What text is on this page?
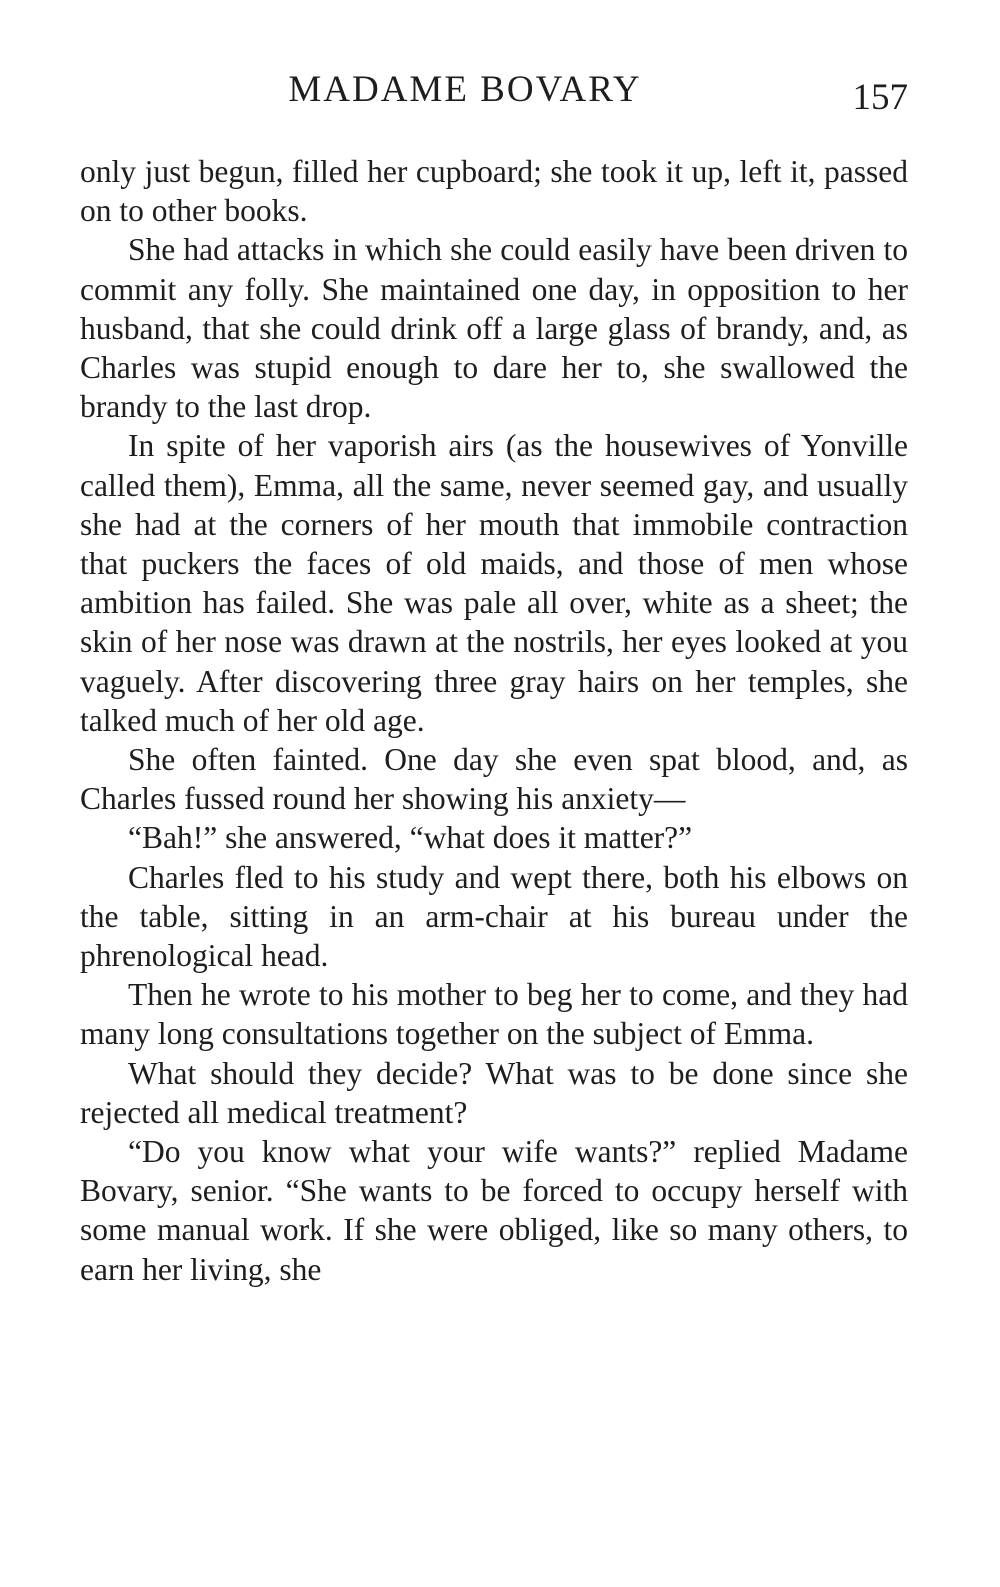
MADAME BOVARY	157

only just begun, filled her cupboard; she took it up, left it, passed on to other books.

She had attacks in which she could easily have been driven to commit any folly. She maintained one day, in opposition to her husband, that she could drink off a large glass of brandy, and, as Charles was stupid enough to dare her to, she swallowed the brandy to the last drop.

In spite of her vaporish airs (as the housewives of Yonville called them), Emma, all the same, never seemed gay, and usually she had at the corners of her mouth that immobile contraction that puckers the faces of old maids, and those of men whose ambition has failed. She was pale all over, white as a sheet; the skin of her nose was drawn at the nostrils, her eyes looked at you vaguely. After discovering three gray hairs on her temples, she talked much of her old age.

She often fainted. One day she even spat blood, and, as Charles fussed round her showing his anxiety—

“Bah!” she answered, “what does it matter?”

Charles fled to his study and wept there, both his elbows on the table, sitting in an arm-chair at his bureau under the phrenological head.

Then he wrote to his mother to beg her to come, and they had many long consultations together on the subject of Emma.

What should they decide? What was to be done since she rejected all medical treatment?

“Do you know what your wife wants?” replied Madame Bovary, senior. “She wants to be forced to occupy herself with some manual work. If she were obliged, like so many others, to earn her living, she
